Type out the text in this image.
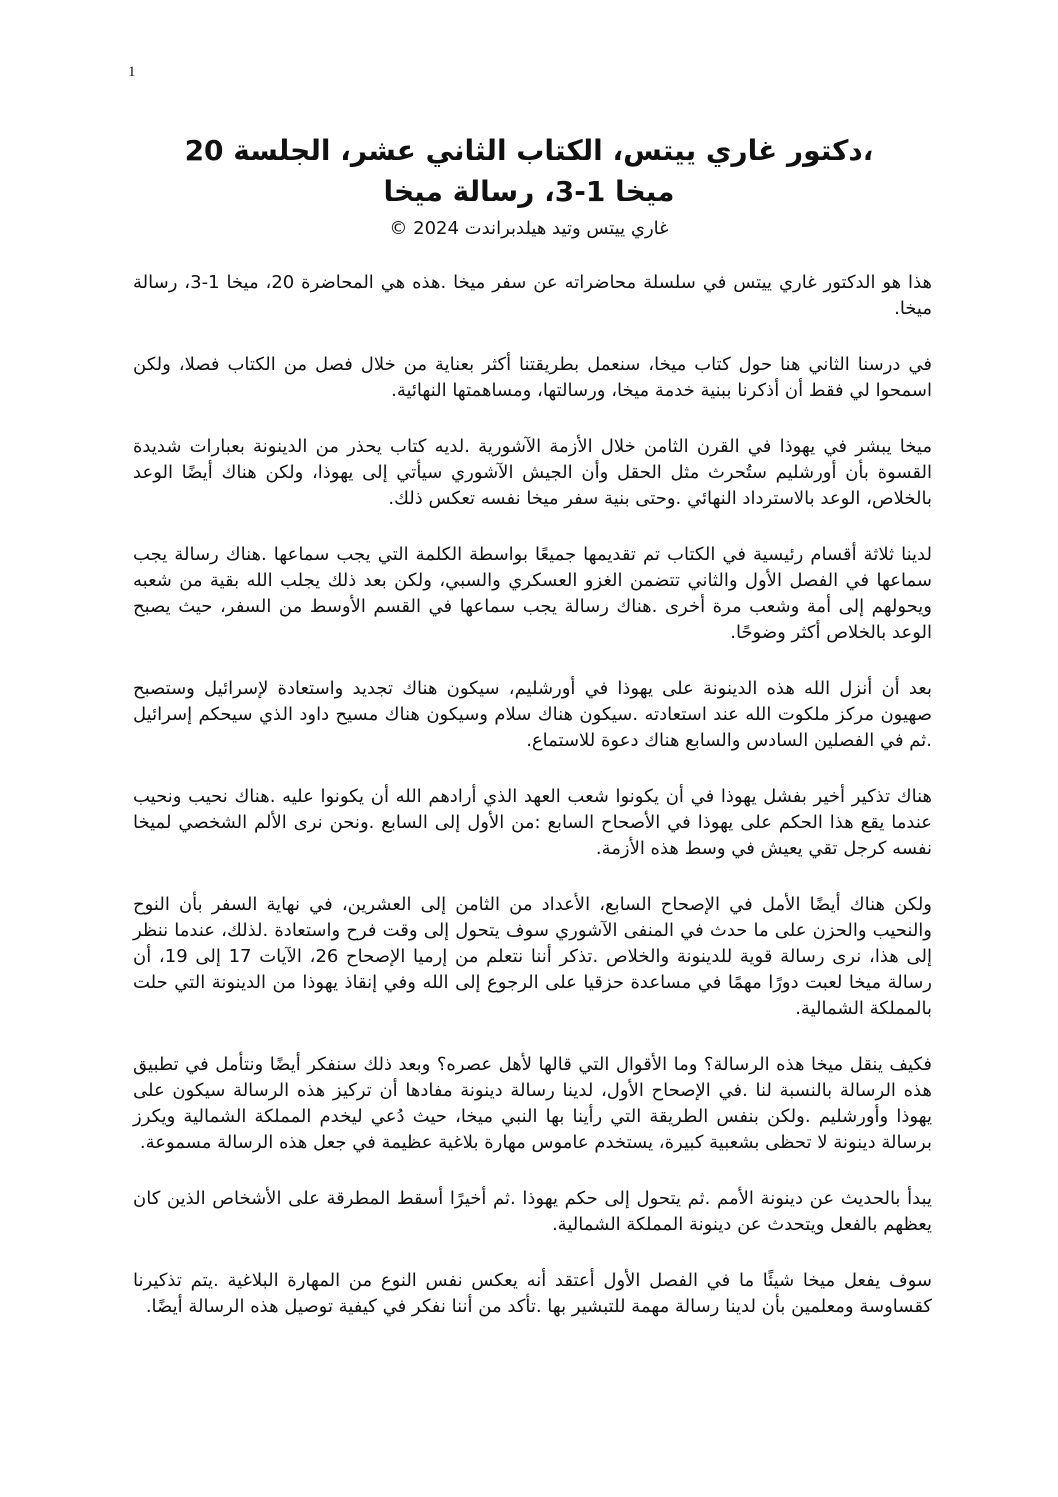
1
،دكتور غاري ييتس، الكتاب الثاني عشر، الجلسة 20
ميخا 1-3، رسالة ميخا
غاري ييتس وتيد هيلدبراندت 2024 ©

هذا هو الدكتور غاري ييتس في سلسلة محاضراته عن سفر ميخا .هذه هي المحاضرة 20، ميخا 1-3، رسالة ميخا.

في درسنا الثاني هنا حول كتاب ميخا، سنعمل بطريقتنا أكثر بعناية من خلال فصل من الكتاب فصلا، ولكن اسمحوا لي فقط أن أذكرنا ببنية خدمة ميخا، ورسالتها، ومساهمتها النهائية.

ميخا يبشر في يهوذا في القرن الثامن خلال الأزمة الآشورية .لديه كتاب يحذر من الدينونة بعبارات شديدة القسوة بأن أورشليم ستُحرث مثل الحقل وأن الجيش الآشوري سيأتي إلى يهوذا، ولكن هناك أيضًا الوعد بالخلاص، الوعد بالاسترداد النهائي .وحتى بنية سفر ميخا نفسه تعكس ذلك.

لدينا ثلاثة أقسام رئيسية في الكتاب تم تقديمها جميعًا بواسطة الكلمة التي يجب سماعها .هناك رسالة يجب سماعها في الفصل الأول والثاني تتضمن الغزو العسكري والسبي، ولكن بعد ذلك يجلب الله بقية من شعبه ويحولهم إلى أمة وشعب مرة أخرى .هناك رسالة يجب سماعها في القسم الأوسط من السفر، حيث يصبح الوعد بالخلاص أكثر وضوحًا.

بعد أن أنزل الله هذه الدينونة على يهوذا في أورشليم، سيكون هناك تجديد واستعادة لإسرائيل وستصبح صهيون مركز ملكوت الله عند استعادته .سيكون هناك سلام وسيكون هناك مسيح داود الذي سيحكم إسرائيل .ثم في الفصلين السادس والسابع هناك دعوة للاستماع.

هناك تذكير أخير بفشل يهوذا في أن يكونوا شعب العهد الذي أرادهم الله أن يكونوا عليه .هناك نحيب ونحيب عندما يقع هذا الحكم على يهوذا في الأصحاح السابع :من الأول إلى السابع .ونحن نرى الألم الشخصي لميخا نفسه كرجل تقي يعيش في وسط هذه الأزمة.

ولكن هناك أيضًا الأمل في الإصحاح السابع، الأعداد من الثامن إلى العشرين، في نهاية السفر بأن النوح والنحيب والحزن على ما حدث في المنفى الآشوري سوف يتحول إلى وقت فرح واستعادة .لذلك، عندما ننظر إلى هذا، نرى رسالة قوية للدينونة والخلاص .تذكر أننا نتعلم من إرميا الإصحاح 26، الآيات 17 إلى 19، أن رسالة ميخا لعبت دورًا مهمًا في مساعدة حزقيا على الرجوع إلى الله وفي إنقاذ يهوذا من الدينونة التي حلت بالمملكة الشمالية.

فكيف ينقل ميخا هذه الرسالة؟ وما الأقوال التي قالها لأهل عصره؟ وبعد ذلك سنفكر أيضًا ونتأمل في تطبيق هذه الرسالة بالنسبة لنا .في الإصحاح الأول، لدينا رسالة دينونة مفادها أن تركيز هذه الرسالة سيكون على يهوذا وأورشليم .ولكن بنفس الطريقة التي رأينا بها النبي ميخا، حيث دُعي ليخدم المملكة الشمالية ويكرز برسالة دينونة لا تحظى بشعبية كبيرة، يستخدم عاموس مهارة بلاغية عظيمة في جعل هذه الرسالة مسموعة.

يبدأ بالحديث عن دينونة الأمم .ثم يتحول إلى حكم يهوذا .ثم أخيرًا أسقط المطرقة على الأشخاص الذين كان يعظهم بالفعل ويتحدث عن دينونة المملكة الشمالية.

سوف يفعل ميخا شيئًا ما في الفصل الأول أعتقد أنه يعكس نفس النوع من المهارة البلاغية .يتم تذكيرنا كقساوسة ومعلمين بأن لدينا رسالة مهمة للتبشير بها .تأكد من أننا نفكر في كيفية توصيل هذه الرسالة أيضًا.
